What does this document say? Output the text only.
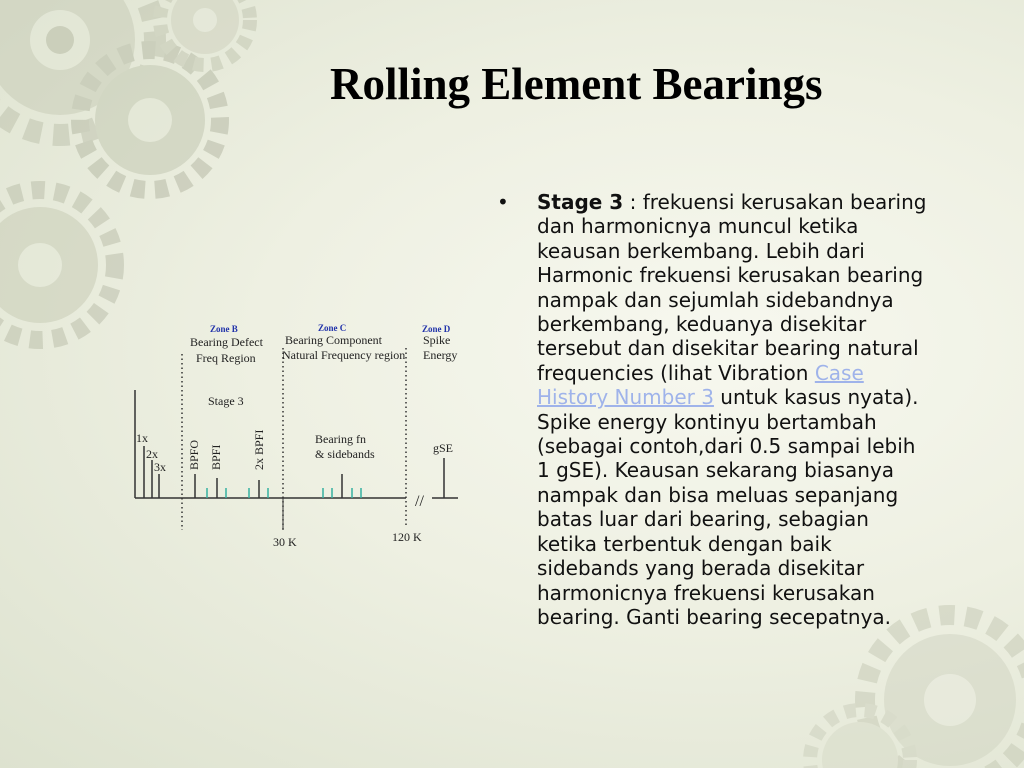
Rolling Element Bearings
Zone B
Bearing Defect
Freq Region
Zone C
Bearing Component
Natural Frequency region
Zone D
Spike
Energy
Stage 3
//
1x
2x
3x BPFO BPFI 2x BPFI	Bearing fn
& sidebands	gSE
30 K	120 K
• Stage 3 : frekuensi kerusakan bearing dan harmonicnya muncul ketika keausan berkembang. Lebih dari Harmonic frekuensi kerusakan bearing nampak dan sejumlah sidebandnya berkembang, keduanya disekitar tersebut dan disekitar bearing natural frequencies (lihat Vibration Case History Number 3 untuk kasus nyata). Spike energy kontinyu bertambah (sebagai contoh,dari 0.5 sampai lebih 1 gSE). Keausan sekarang biasanya nampak dan bisa meluas sepanjang batas luar dari bearing, sebagian ketika terbentuk dengan baik sidebands yang berada disekitar harmonicnya frekuensi kerusakan bearing. Ganti bearing secepatnya.
